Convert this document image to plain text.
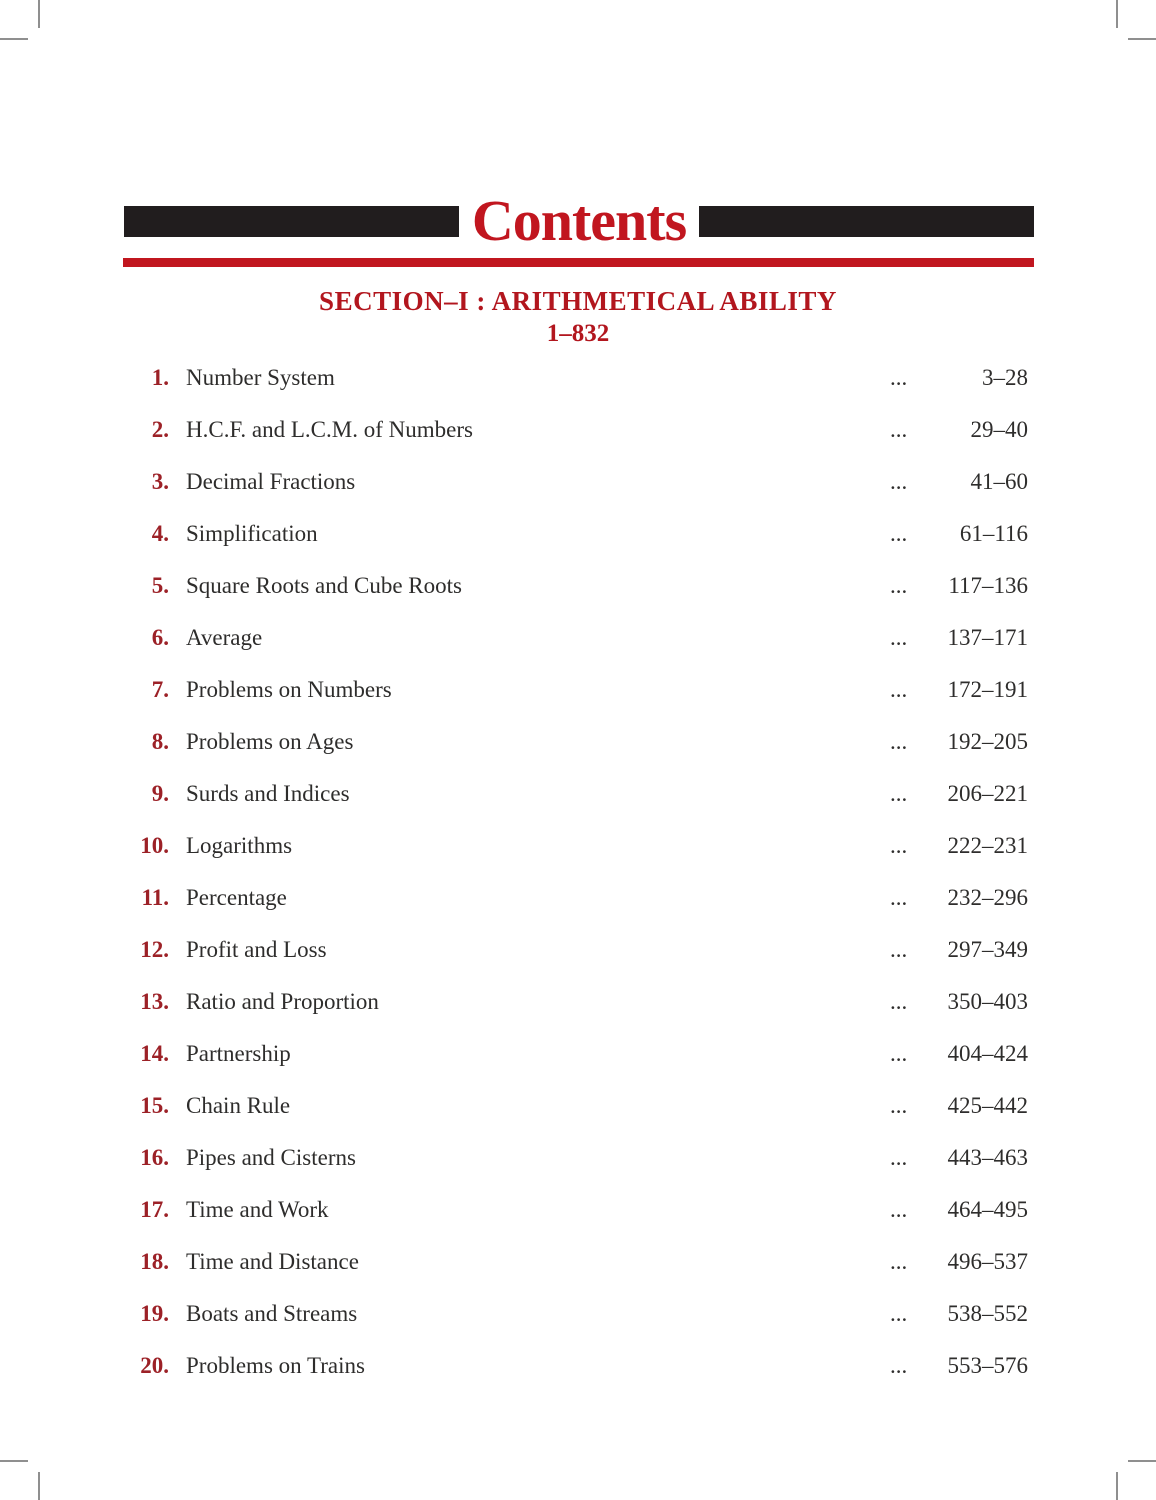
Contents
SECTION–I : ARITHMETICAL ABILITY
1–832
1. Number System	...	3–28
2. H.C.F. and L.C.M. of Numbers	...	29–40
3. Decimal Fractions	...	41–60
4. Simplification	...	61–116
5. Square Roots and Cube Roots	...	117–136
6. Average	...	137–171
7. Problems on Numbers	...	172–191
8. Problems on Ages	...	192–205
9. Surds and Indices	...	206–221
10. Logarithms	...	222–231
11. Percentage	...	232–296
12. Profit and Loss	...	297–349
13. Ratio and Proportion	...	350–403
14. Partnership	...	404–424
15. Chain Rule	...	425–442
16. Pipes and Cisterns	...	443–463
17. Time and Work	...	464–495
18. Time and Distance	...	496–537
19. Boats and Streams	...	538–552
20. Problems on Trains	...	553–576
